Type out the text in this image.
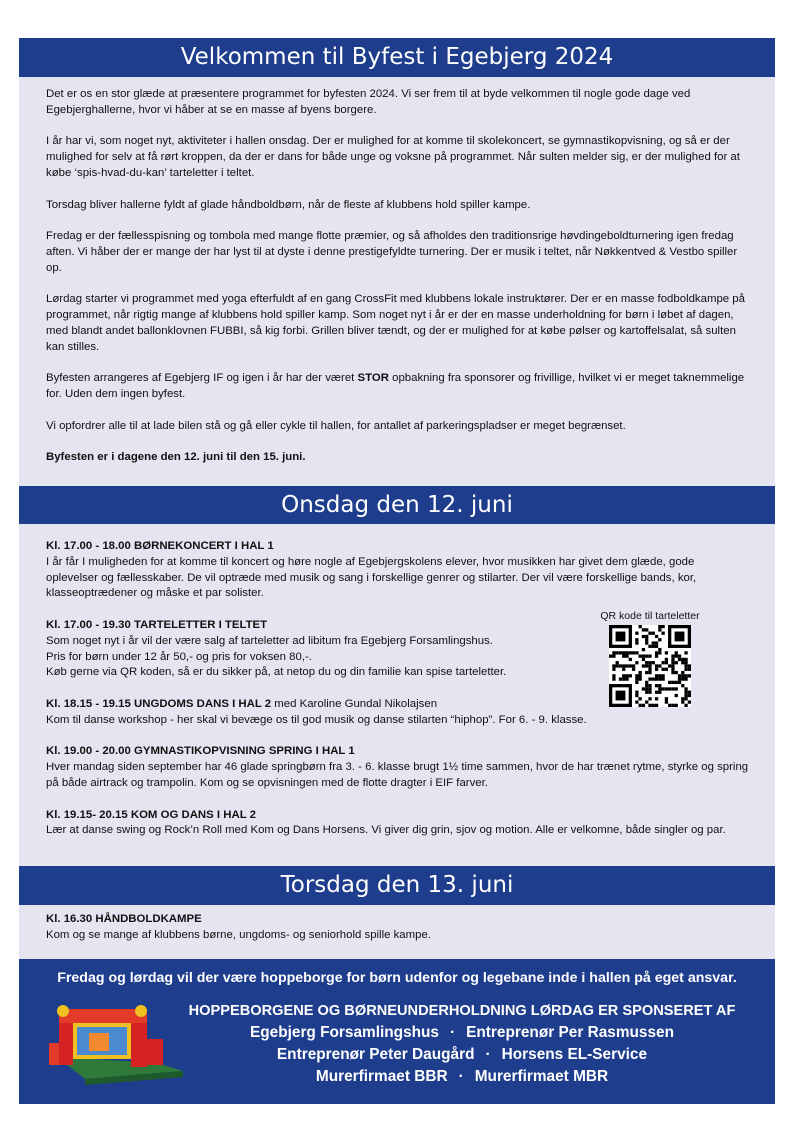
Velkommen til Byfest i Egebjerg 2024

Det er os en stor glæde at præsentere programmet for byfesten 2024. Vi ser frem til at byde velkommen til nogle gode dage ved Egebjerghallerne, hvor vi håber at se en masse af byens borgere.

I år har vi, som noget nyt, aktiviteter i hallen onsdag. Der er mulighed for at komme til skolekoncert, se gymnastikopvisning, og så er der mulighed for selv at få rørt kroppen, da der er dans for både unge og voksne på programmet. Når sulten melder sig, er der mulighed for at købe ‘spis-hvad-du-kan’ tarteletter i teltet.

Torsdag bliver hallerne fyldt af glade håndboldbørn, når de fleste af klubbens hold spiller kampe.

Fredag er der fællesspisning og tombola med mange flotte præmier, og så afholdes den traditionsrige høvdingeboldturnering igen fredag aften. Vi håber der er mange der har lyst til at dyste i denne prestigefyldte turnering. Der er musik i teltet, når Nøkkentved & Vestbo spiller op.

Lørdag starter vi programmet med yoga efterfuldt af en gang CrossFit med klubbens lokale instruktører. Der er en masse fodboldkampe på programmet, når rigtig mange af klubbens hold spiller kamp. Som noget nyt i år er der en masse underholdning for børn i løbet af dagen, med blandt andet ballonklovnen FUBBI, så kig forbi. Grillen bliver tændt, og der er mulighed for at købe pølser og kartoffelsalat, så sulten kan stilles.

Byfesten arrangeres af Egebjerg IF og igen i år har der været STOR opbakning fra sponsorer og frivillige, hvilket vi er meget taknemmelige for. Uden dem ingen byfest.

Vi opfordrer alle til at lade bilen stå og gå eller cykle til hallen, for antallet af parkeringspladser er meget begrænset.

Byfesten er i dagene den 12. juni til den 15. juni.

Onsdag den 12. juni
Kl. 17.00 - 18.00 BØRNEKONCERT I HAL 1
I år får I muligheden for at komme til koncert og høre nogle af Egebjergskolens elever, hvor musikken har givet dem glæde, gode oplevelser og fællesskaber. De vil optræde med musik og sang i forskellige genrer og stilarter. Der vil være forskellige bands, kor, klasseoptrædener og måske et par solister.
Kl. 17.00 - 19.30 TARTELETTER I TELTET
Som noget nyt i år vil der være salg af tarteletter ad libitum fra Egebjerg Forsamlingshus.
Pris for børn under 12 år 50,- og pris for voksen 80,-.
Køb gerne via QR koden, så er du sikker på, at netop du og din familie kan spise tarteletter.
Kl. 18.15 - 19.15 UNGDOMS DANS I HAL 2 med Karoline Gundal Nikolajsen
Kom til danse workshop - her skal vi bevæge os til god musik og danse stilarten “hiphop”. For 6. - 9. klasse.
Kl. 19.00 - 20.00 GYMNASTIKOPVISNING SPRING I HAL 1
Hver mandag siden september har 46 glade springbørn fra 3. - 6. klasse brugt 1½ time sammen, hvor de har trænet rytme, styrke og spring på både airtrack og trampolin. Kom og se opvisningen med de flotte dragter i EIF farver.
Kl. 19.15- 20.15 KOM OG DANS I HAL 2
Lær at danse swing og Rock’n Roll med Kom og Dans Horsens. Vi giver dig grin, sjov og motion. Alle er velkomne, både singler og par.
QR kode til tarteletter
Torsdag den 13. juni
Kl. 16.30 HÅNDBOLDKAMPE
Kom og se mange af klubbens børne, ungdoms- og seniorhold spille kampe.
Fredag og lørdag vil der være hoppeborge for børn udenfor og legebane inde i hallen på eget ansvar.
HOPPEBORGENE OG BØRNEUNDERHOLDNING LØRDAG ER SPONSERET AF
Egebjerg Forsamlingshus · Entreprenør Per Rasmussen
Entreprenør Peter Daugård · Horsens EL-Service
Murerfirmaet BBR · Murerfirmaet MBR
